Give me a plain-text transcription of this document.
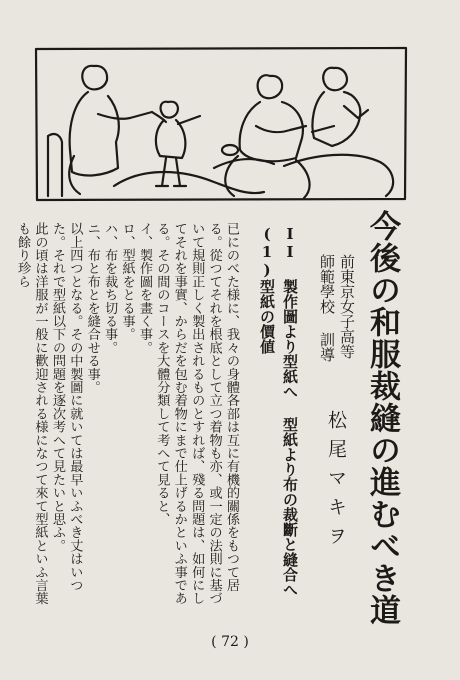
今後の和服裁縫の進むべき道
前東京女子高等
師範學校 訓導
松尾マキヲ
II 製作圖より型紙へ 型紙より布の裁斷と縫合へ
(1)型紙の價値

已にのべた様に、我々の身體各部は互に有機的關係をもつて居る。從つてそれを根底として立つ着物も亦、或一定の法則に基づいて規則正しく製出されるものとすれば、殘る問題は、如何にしてそれを事實、からだを包む着物にまで仕上げるかといふ事である。その間のコースを大體分類して考へて見ると、

イ、製作圖を畫く事。

ロ、型紙をとる事。

ハ、布を裁ち切る事。

ニ、布と布とを縫合せる事。

以上四つとなる。その中製圖に就いては最早いふべき丈はいつた。それで型紙以下の問題を逐次考へて見たいと思ふ。

此の頃は洋服が一般に歡迎される様になつて來て型紙といふ言葉も餘り珍ら

( 72 )
